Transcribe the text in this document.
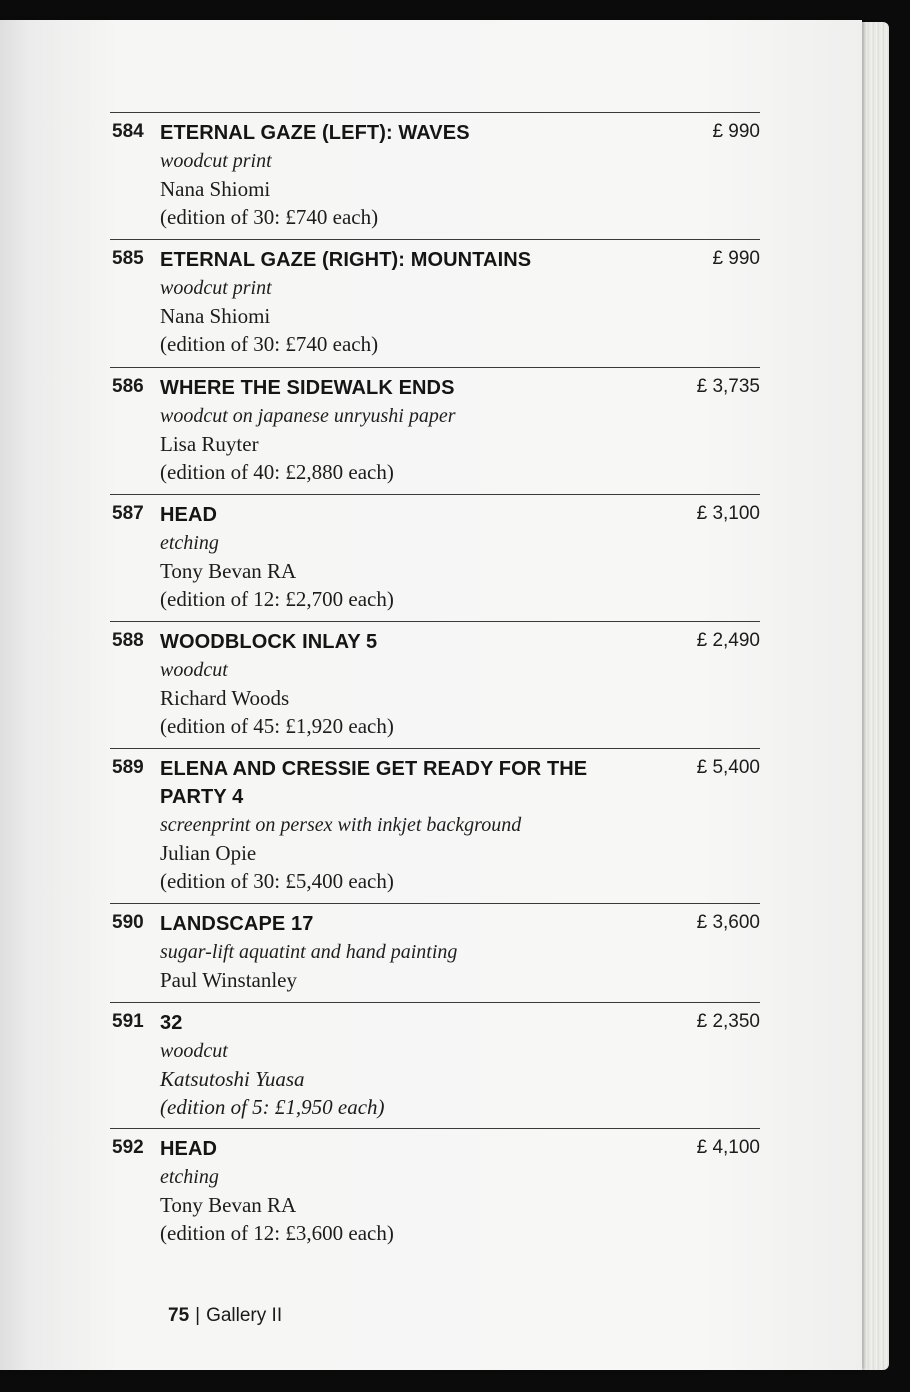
584 ETERNAL GAZE (LEFT): WAVES
woodcut print
Nana Shiomi
(edition of 30: £740 each)
£ 990
585 ETERNAL GAZE (RIGHT): MOUNTAINS
woodcut print
Nana Shiomi
(edition of 30: £740 each)
£ 990
586 WHERE THE SIDEWALK ENDS
woodcut on japanese unryushi paper
Lisa Ruyter
(edition of 40: £2,880 each)
£ 3,735
587 HEAD
etching
Tony Bevan RA
(edition of 12: £2,700 each)
£ 3,100
588 WOODBLOCK INLAY 5
woodcut
Richard Woods
(edition of 45: £1,920 each)
£ 2,490
589 ELENA AND CRESSIE GET READY FOR THE PARTY 4
screenprint on persex with inkjet background
Julian Opie
(edition of 30: £5,400 each)
£ 5,400
590 LANDSCAPE 17
sugar-lift aquatint and hand painting
Paul Winstanley
£ 3,600
591 32
woodcut
Katsutoshi Yuasa
(edition of 5: £1,950 each)
£ 2,350
592 HEAD
etching
Tony Bevan RA
(edition of 12: £3,600 each)
£ 4,100
75 | Gallery II
